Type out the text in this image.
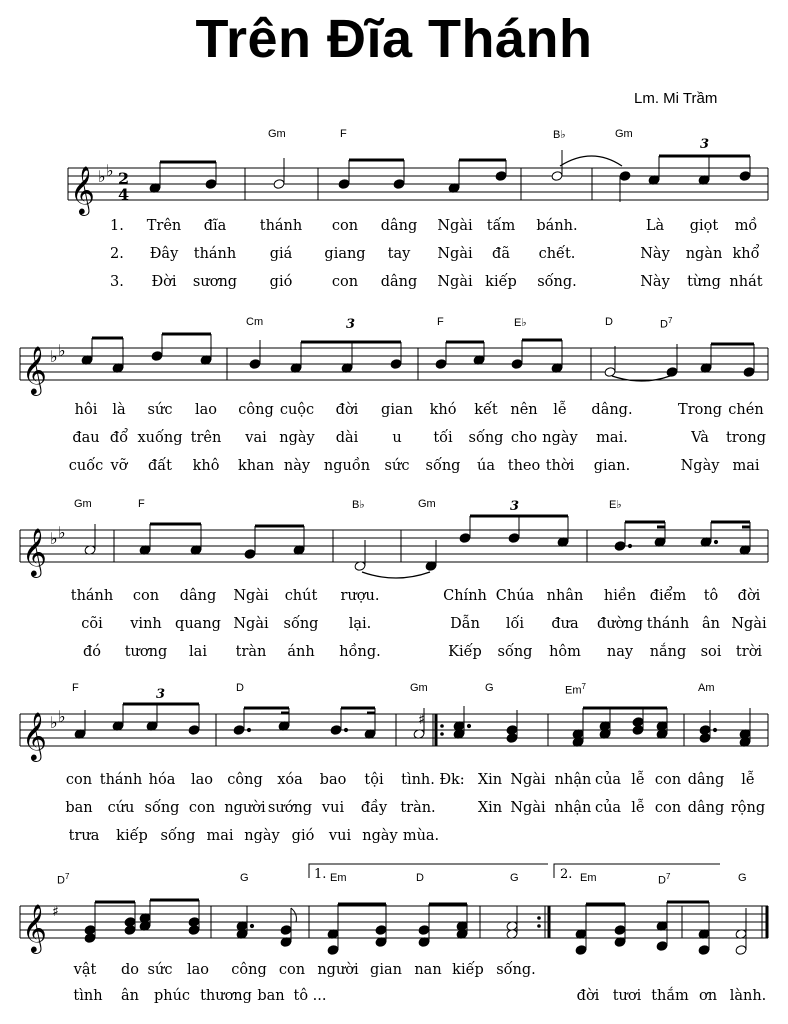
Trên Đĩa Thánh
Lm. Mi Trầm
Gm	F	B♭	Gm
𝄞 ♭ ♭ 2
4
3
1. Trên đĩa thánh con dâng Ngài tấm bánh.	Là giọt mồ
2. Đây thánh giá giang tay Ngài đã chết.	Này ngàn khổ
3. Đời sương gió	con dâng Ngài kiếp sống.	Này từng nhát
Cm	F	E♭	D	$D^7$
𝄞 ♭ ♭
3
hôi là sức lao công cuộc đời gian khó kết nên lễ dâng.	Trong chén
đau đổ xuống trên vai ngày dài u tối sống cho ngày mai.	Và trong
cuốc vỡ đất khô khan này nguồn sức sống úa theo thời gian.	Ngày mai
Gm	F	B♭	Gm	E♭
𝄞 ♭ ♭
3
thánh con dâng Ngài chút rượu.	Chính Chúa nhân hiền điểm tô đời
cõi vinh quang Ngài sống lại.	Dẫn lối đưa đường thánh ân Ngài
đó tương lai tràn ánh hồng.	Kiếp sống hôm nay nắng soi trời
F	D	Gm	G	Em$^7$	Am
𝄞 ♭ ♭	♯
3
con thánh hóa lao công xóa bao tội tình. Đk: Xin Ngài nhận của lễ con dâng lễ
ban cứu sống con người sướng vui đầy tràn.	Xin Ngài nhận của lễ con dâng rộng
trưa kiếp sống mai ngày gió vui ngày mùa.
1.	2.
$D^7$	G	Em	D	G	Em	$D^7$	G
𝄞 ♯
vật do sức lao công con người gian nan kiếp sống.
tình ân phúc thương ban tô ...	đời tươi thắm ơn lành.
